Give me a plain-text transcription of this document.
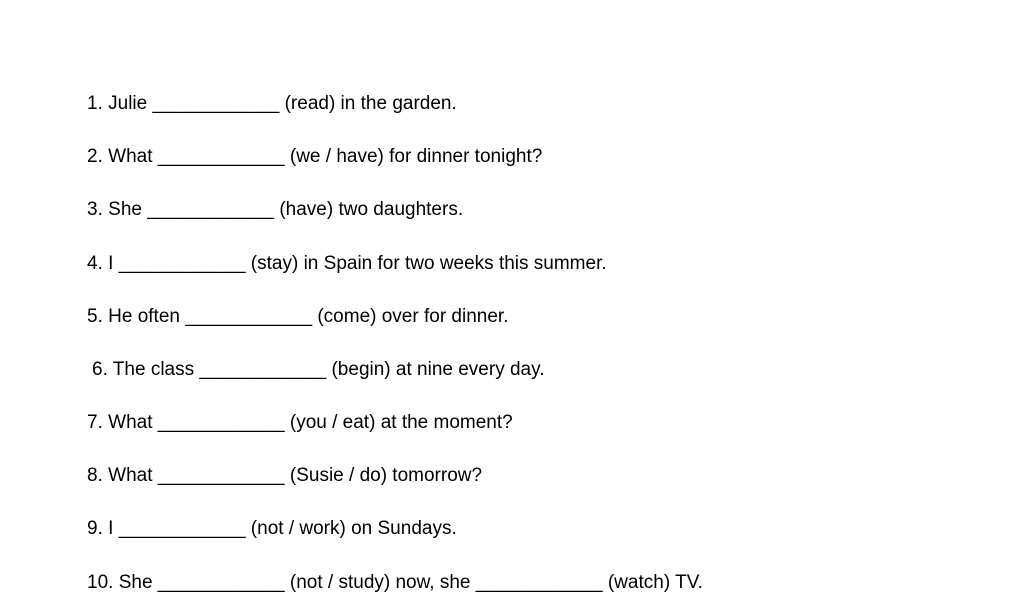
1. Julie ____________ (read) in the garden.
2. What ____________ (we / have) for dinner tonight?
3. She ____________ (have) two daughters.
4. I ____________ (stay) in Spain for two weeks this summer.
5. He often ____________ (come) over for dinner.
6. The class ____________ (begin) at nine every day.
7. What ____________ (you / eat) at the moment?
8. What ____________ (Susie / do) tomorrow?
9. I ____________ (not / work) on Sundays.
10. She ____________ (not / study) now, she ____________ (watch) TV.
